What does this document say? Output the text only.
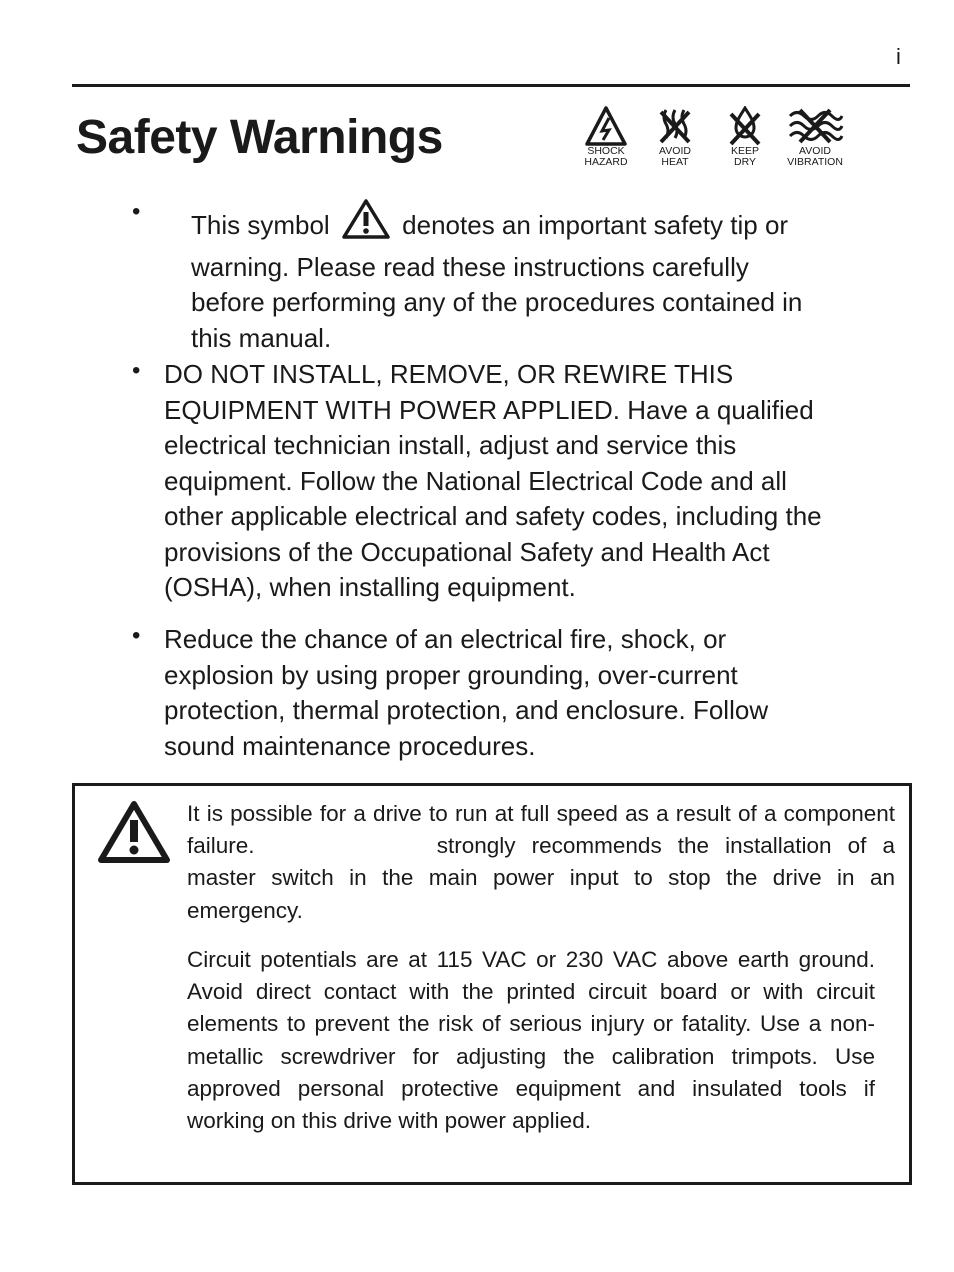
i
Safety Warnings	SHOCK
HAZARD
AVOID
HEAT
KEEP
DRY
AVOID
VIBRATION
• This symbol	denotes an important safety tip or
warning. Please read these instructions carefully
before performing any of the procedures contained in
this manual.
• DO NOT INSTALL, REMOVE, OR REWIRE THIS
EQUIPMENT WITH POWER APPLIED. Have a qualified
electrical technician install, adjust and service this
equipment. Follow the National Electrical Code and all
other applicable electrical and safety codes, including the
provisions of the Occupational Safety and Health Act
(OSHA), when installing equipment.
• Reduce the chance of an electrical fire, shock, or
explosion by using proper grounding, over-current
protection, thermal protection, and enclosure. Follow
sound maintenance procedures.

It is possible for a drive to run at full speed as a result of a component failure.	strongly recommends the installation of a master switch in the main power input to stop the drive in an emergency.

Circuit potentials are at 115 VAC or 230 VAC above earth ground. Avoid direct contact with the printed circuit board or with circuit elements to prevent the risk of serious injury or fatality. Use a non-metallic screwdriver for adjusting the calibration trimpots. Use approved personal protective equipment and insulated tools if working on this drive with power applied.
